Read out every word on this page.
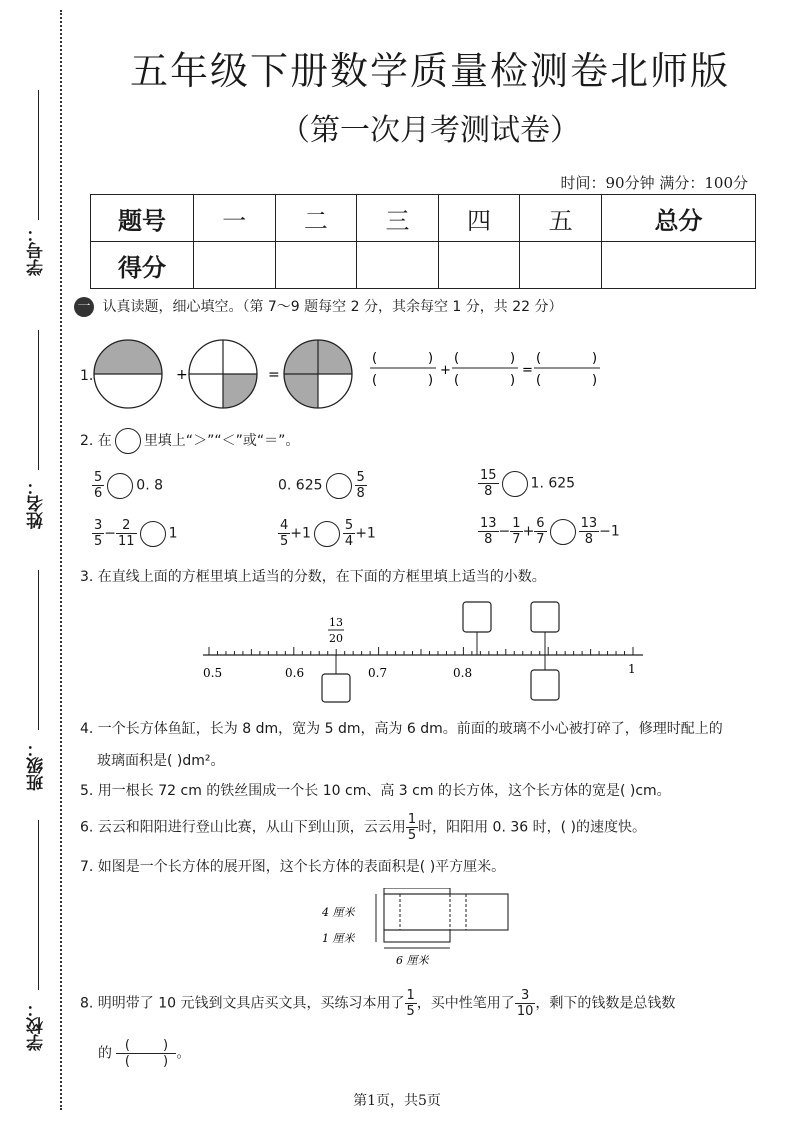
学号：
姓名：
班级：
学校：
五年级下册数学质量检测卷北师版
（第一次月考测试卷）
时间：90分钟 满分：100分
题号	一	二	三	四	五	总分
得分						
一 认真读题，细心填空。（第 7～9 题每空 2 分，其余每空 1 分，共 22 分）
1.	+	=
(	)
(	)
+
(	)
(	)
=
(	)
(	)
2. 在 里填上“＞”“＜”或“＝”。
$\frac{5}{6} 0$. 8	0. $625 \frac{5}{8}$	$\frac{15}{8} 1$. 625
$\frac{3}{5} - \frac{2}{11} 1$	$\frac{4}{5} +1 \frac{5}{4} +1$	$\frac{13}{8} - \frac{1}{7} + \frac{6}{7} \frac{13}{8} -1$
3. 在直线上面的方框里填上适当的分数，在下面的方框里填上适当的小数。
13
20
0.5	0.6	0.7	0.8	1
4. 一个长方体鱼缸，长为 8 dm，宽为 5 dm，高为 6 dm。前面的玻璃不小心被打碎了，修理时配上的
玻璃面积是( )dm²。
5. 用一根长 72 cm 的铁丝围成一个长 10 cm、高 3 cm 的长方体，这个长方体的宽是( )cm。
6. 云云和阳阳进行登山比赛，从山下到山顶，云云用 $\frac{1}{5}$ 时，阳阳用 0. 36 时，( )的速度快。
7. 如图是一个长方体的展开图，这个长方体的表面积是( )平方厘米。
4 厘米
1 厘米
6 厘米
8. 明明带了 10 元钱到文具店买文具，买练习本用了 $\frac{1}{5}$ ，买中性笔用了 $\frac{3}{10}$ ，剩下的钱数是总钱数
的 $\frac{( )}{( )}$ 。
第1页，共5页
